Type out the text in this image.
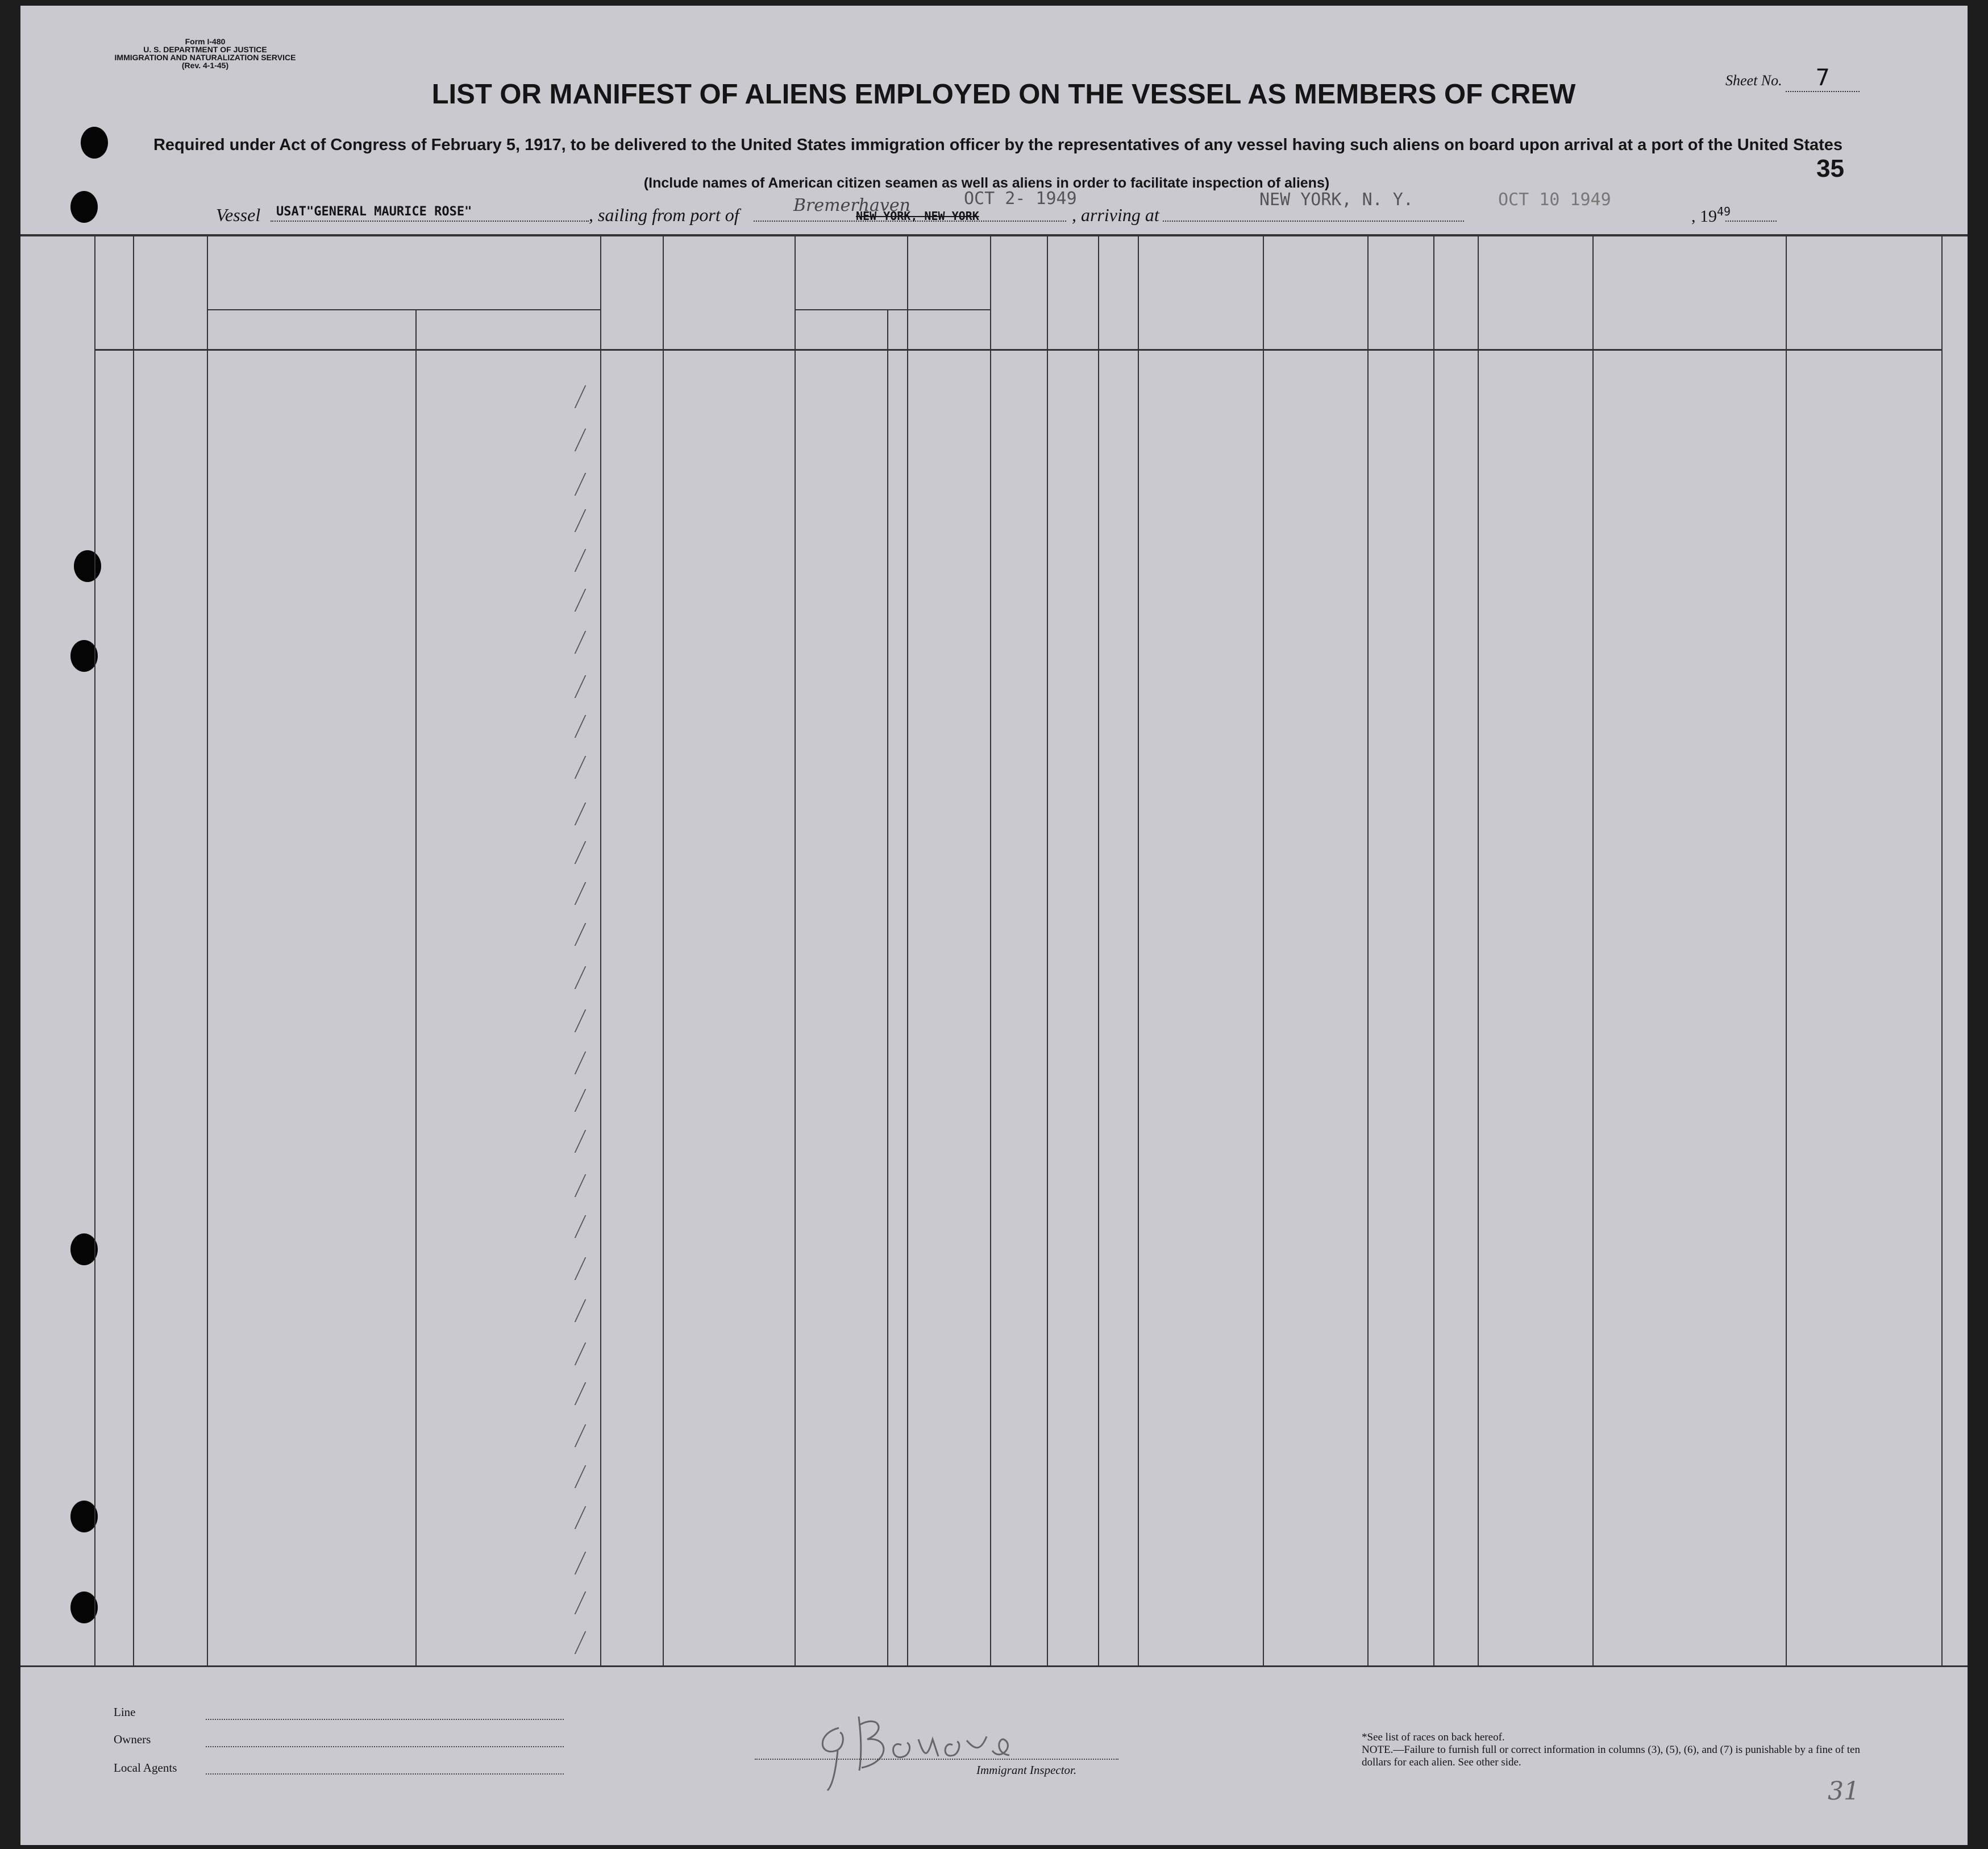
Form I-480
U. S. DEPARTMENT OF JUSTICE
IMMIGRATION AND NATURALIZATION SERVICE
(Rev. 4-1-45)
Sheet No. 7
LIST OR MANIFEST OF ALIENS EMPLOYED ON THE VESSEL AS MEMBERS OF CREW
Required under Act of Congress of February 5, 1917, to be delivered to the United States immigration officer by the representatives of any vessel having such aliens on board upon arrival at a port of the United States
(Include names of American citizen seamen as well as aliens in order to facilitate inspection of aliens)
35
Vessel USAT"GENERAL MAURICE ROSE"	, sailing from port of	Bremerhaven	OCT 2- 1949
NEW YORK, NEW YORK	, arriving at
NEW YORK, N. Y.	OCT 10 1949
, $19^{49}$
Line
Owners
Local Agents	Immigrant Inspector.
*See list of races on back hereof.
NOTE.—Failure to furnish full or correct information in columns (3), (5), (6), and (7) is punishable by a fine of ten dollars for each alien. See other side.
31
